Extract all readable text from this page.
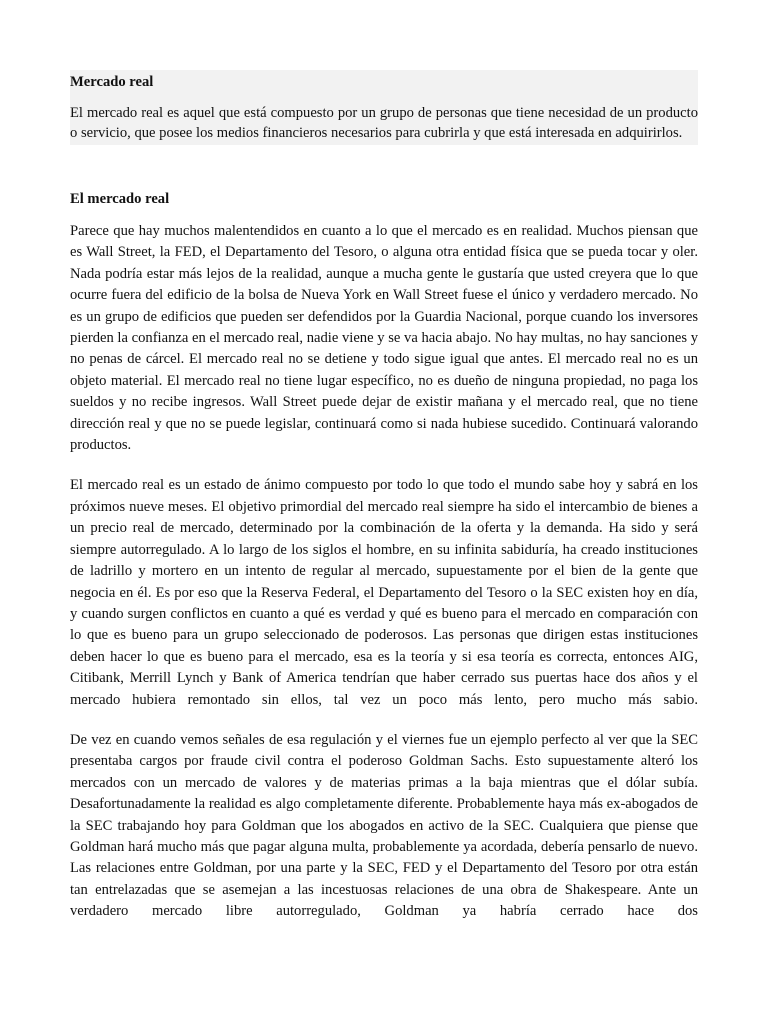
Mercado real

El mercado real es aquel que está compuesto por un grupo de personas que tiene necesidad de un producto o servicio, que posee los medios financieros necesarios para cubrirla y que está interesada en adquirirlos.

El mercado real

Parece que hay muchos malentendidos en cuanto a lo que el mercado es en realidad. Muchos piensan que es Wall Street, la FED, el Departamento del Tesoro, o alguna otra entidad física que se pueda tocar y oler. Nada podría estar más lejos de la realidad, aunque a mucha gente le gustaría que usted creyera que lo que ocurre fuera del edificio de la bolsa de Nueva York en Wall Street fuese el único y verdadero mercado. No es un grupo de edificios que pueden ser defendidos por la Guardia Nacional, porque cuando los inversores pierden la confianza en el mercado real, nadie viene y se va hacia abajo. No hay multas, no hay sanciones y no penas de cárcel. El mercado real no se detiene y todo sigue igual que antes. El mercado real no es un objeto material. El mercado real no tiene lugar específico, no es dueño de ninguna propiedad, no paga los sueldos y no recibe ingresos. Wall Street puede dejar de existir mañana y el mercado real, que no tiene dirección real y que no se puede legislar, continuará como si nada hubiese sucedido. Continuará valorando productos.

El mercado real es un estado de ánimo compuesto por todo lo que todo el mundo sabe hoy y sabrá en los próximos nueve meses. El objetivo primordial del mercado real siempre ha sido el intercambio de bienes a un precio real de mercado, determinado por la combinación de la oferta y la demanda. Ha sido y será siempre autorregulado. A lo largo de los siglos el hombre, en su infinita sabiduría, ha creado instituciones de ladrillo y mortero en un intento de regular al mercado, supuestamente por el bien de la gente que negocia en él. Es por eso que la Reserva Federal, el Departamento del Tesoro o la SEC existen hoy en día, y cuando surgen conflictos en cuanto a qué es verdad y qué es bueno para el mercado en comparación con lo que es bueno para un grupo seleccionado de poderosos. Las personas que dirigen estas instituciones deben hacer lo que es bueno para el mercado, esa es la teoría y si esa teoría es correcta, entonces AIG, Citibank, Merrill Lynch y Bank of America tendrían que haber cerrado sus puertas hace dos años y el mercado hubiera remontado sin ellos, tal vez un poco más lento, pero mucho más sabio.

De vez en cuando vemos señales de esa regulación y el viernes fue un ejemplo perfecto al ver que la SEC presentaba cargos por fraude civil contra el poderoso Goldman Sachs. Esto supuestamente alteró los mercados con un mercado de valores y de materias primas a la baja mientras que el dólar subía. Desafortunadamente la realidad es algo completamente diferente. Probablemente haya más ex-abogados de la SEC trabajando hoy para Goldman que los abogados en activo de la SEC. Cualquiera que piense que Goldman hará mucho más que pagar alguna multa, probablemente ya acordada, debería pensarlo de nuevo. Las relaciones entre Goldman, por una parte y la SEC, FED y el Departamento del Tesoro por otra están tan entrelazadas que se asemejan a las incestuosas relaciones de una obra de Shakespeare. Ante un verdadero mercado libre autorregulado, Goldman ya habría cerrado hace dos
